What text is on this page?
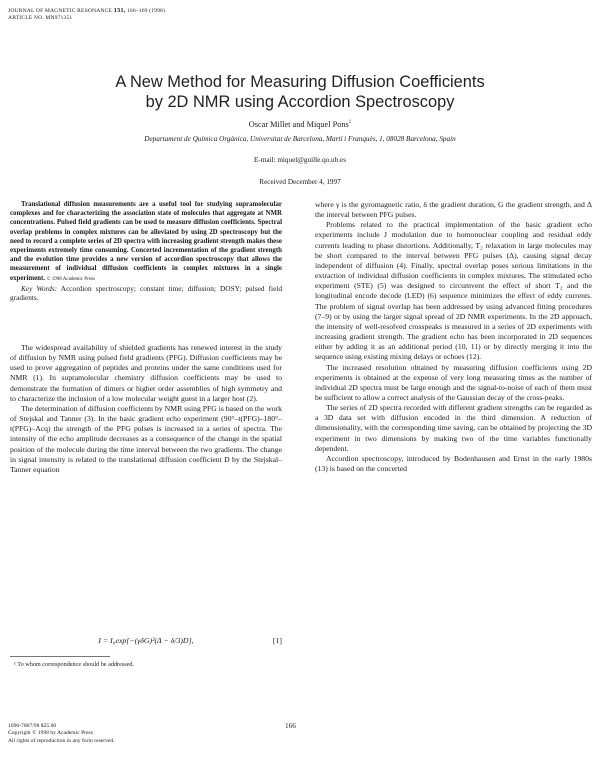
JOURNAL OF MAGNETIC RESONANCE 131, 166–169 (1998)
ARTICLE NO. MN971351
A New Method for Measuring Diffusion Coefficients
by 2D NMR using Accordion Spectroscopy
Oscar Millet and Miquel Pons$^1$
Departament de Química Orgànica, Universitat de Barcelona, Martí i Franquès, 1, 08028 Barcelona, Spain
E-mail: miquel@guille.qo.ub.es
Received December 4, 1997

Translational diffusion measurements are a useful tool for studying supramolecular complexes and for characterizing the association state of molecules that aggregate at NMR concentrations. Pulsed field gradients can be used to measure diffusion coefficients. Spectral overlap problems in complex mixtures can be alleviated by using 2D spectroscopy but the need to record a complete series of 2D spectra with increasing gradient strength makes these experiments extremely time consuming. Concerted incrementation of the gradient strength and the evolution time provides a new version of accordion spectroscopy that allows the measurement of individual diffusion coefficients in complex mixtures in a single experiment. © 1998 Academic Press

Key Words: Accordion spectroscopy; constant time; diffusion; DOSY; pulsed field gradients.

The widespread availability of shielded gradients has renewed interest in the study of diffusion by NMR using pulsed field gradients (PFG). Diffusion coefficients may be used to prove aggregation of peptides and proteins under the same conditions used for NMR (1). In supramolecular chemistry diffusion coefficients may be used to demonstrate the formation of dimers or higher order assemblies of high symmetry and to characterize the inclusion of a low molecular weight guest in a larger host (2).

The determination of diffusion coefficients by NMR using PFG is based on the work of Stejskal and Tanner (3). In the basic gradient echo experiment (90°–t(PFG)–180°–t(PFG)–Acq) the strength of the PFG pulses is increased in a series of spectra. The intensity of the echo amplitude decreases as a consequence of the change in the spatial position of the molecule during the time interval between the two gradients. The change in signal intensity is related to the translational diffusion coefficient D by the Stejskal–Tanner equation

I = I₀exp[−(γδG)²(Δ − δ/3)D],	[1]
¹ To whom correspondence should be addressed.

where γ is the gyromagnetic ratio, δ the gradient duration, G the gradient strength, and Δ the interval between PFG pulses.

Problems related to the practical implementation of the basic gradient echo experiments include J modulation due to homonuclear coupling and residual eddy currents leading to phase distortions. Additionally, T₂ relaxation in large molecules may be short compared to the interval between PFG pulses (Δ), causing signal decay independent of diffusion (4). Finally, spectral overlap poses serious limitations in the extraction of individual diffusion coefficients in complex mixtures. The stimulated echo experiment (STE) (5) was designed to circumvent the effect of short T₂ and the longitudinal encode decode (LED) (6) sequence minimizes the effect of eddy currents. The problem of signal overlap has been addressed by using advanced fitting procedures (7–9) or by using the larger signal spread of 2D NMR experiments. In the 2D approach, the intensity of well-resolved crosspeaks is measured in a series of 2D experiments with increasing gradient strength. The gradient echo has been incorporated in 2D sequences either by adding it as an additional period (10, 11) or by directly merging it into the sequence using existing mixing delays or echoes (12).

The increased resolution obtained by measuring diffusion coefficients using 2D experiments is obtained at the expense of very long measuring times as the number of individual 2D spectra must be large enough and the signal-to-noise of each of them must be sufficient to allow a correct analysis of the Gaussian decay of the cross-peaks.

The series of 2D spectra recorded with different gradient strengths can be regarded as a 3D data set with diffusion encoded in the third dimension. A reduction of dimensionality, with the corresponding time saving, can be obtained by projecting the 3D experiment in two dimensions by making two of the time variables functionally dependent.

Accordion spectroscopy, introduced by Bodenhausen and Ernst in the early 1980s (13) is based on the concerted

1090-7807/98 $25.00
Copyright © 1998 by Academic Press
All rights of reproduction in any form reserved.
166
